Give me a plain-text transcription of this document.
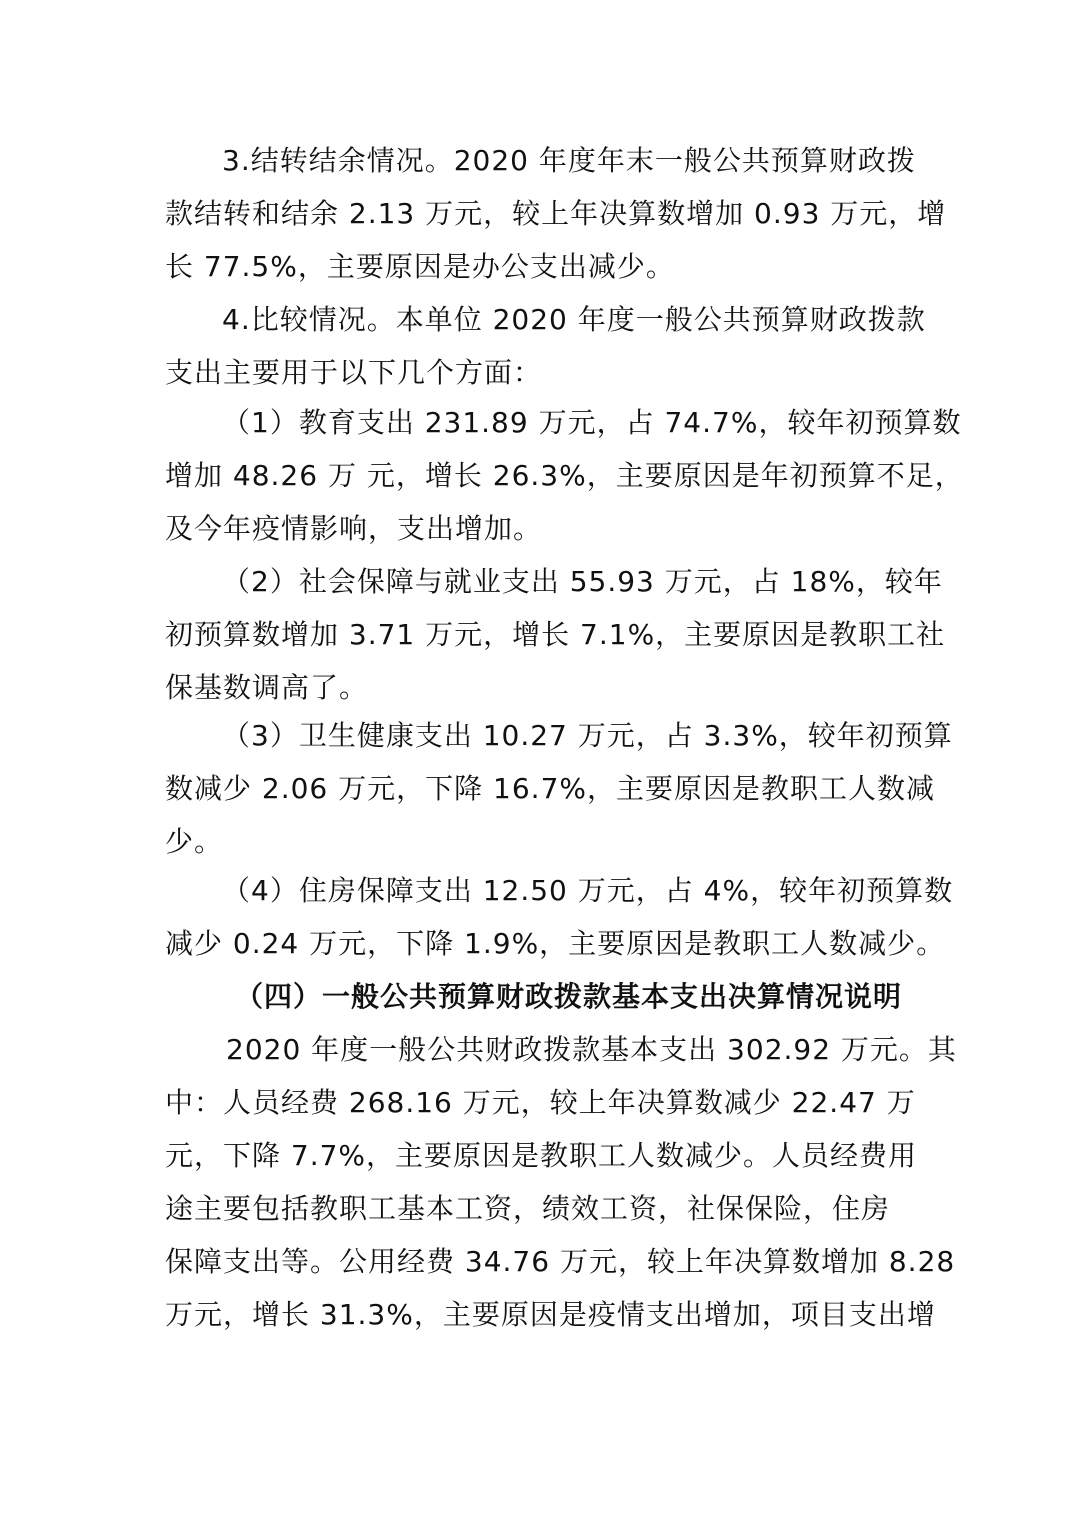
3.结转结余情况。2020 年度年末一般公共预算财政拨
款结转和结余 2.13 万元，较上年决算数增加 0.93 万元，增
长 77.5%，主要原因是办公支出减少。
4.比较情况。本单位 2020 年度一般公共预算财政拨款
支出主要用于以下几个方面：
（1）教育支出 231.89 万元，占 74.7%，较年初预算数
增加 48.26 万 元，增长 26.3%，主要原因是年初预算不足，
及今年疫情影响，支出增加。
（2）社会保障与就业支出 55.93 万元，占 18%，较年
初预算数增加 3.71 万元，增长 7.1%，主要原因是教职工社
保基数调高了。
（3）卫生健康支出 10.27 万元，占 3.3%，较年初预算
数减少 2.06 万元，下降 16.7%，主要原因是教职工人数减
少。
（4）住房保障支出 12.50 万元，占 4%，较年初预算数
减少 0.24 万元，下降 1.9%，主要原因是教职工人数减少。
（四）一般公共预算财政拨款基本支出决算情况说明
2020 年度一般公共财政拨款基本支出 302.92 万元。其
中：人员经费 268.16 万元，较上年决算数减少 22.47 万
元，下降 7.7%，主要原因是教职工人数减少。人员经费用
途主要包括教职工基本工资，绩效工资，社保保险，住房
保障支出等。公用经费 34.76 万元，较上年决算数增加 8.28
万元，增长 31.3%，主要原因是疫情支出增加，项目支出增
